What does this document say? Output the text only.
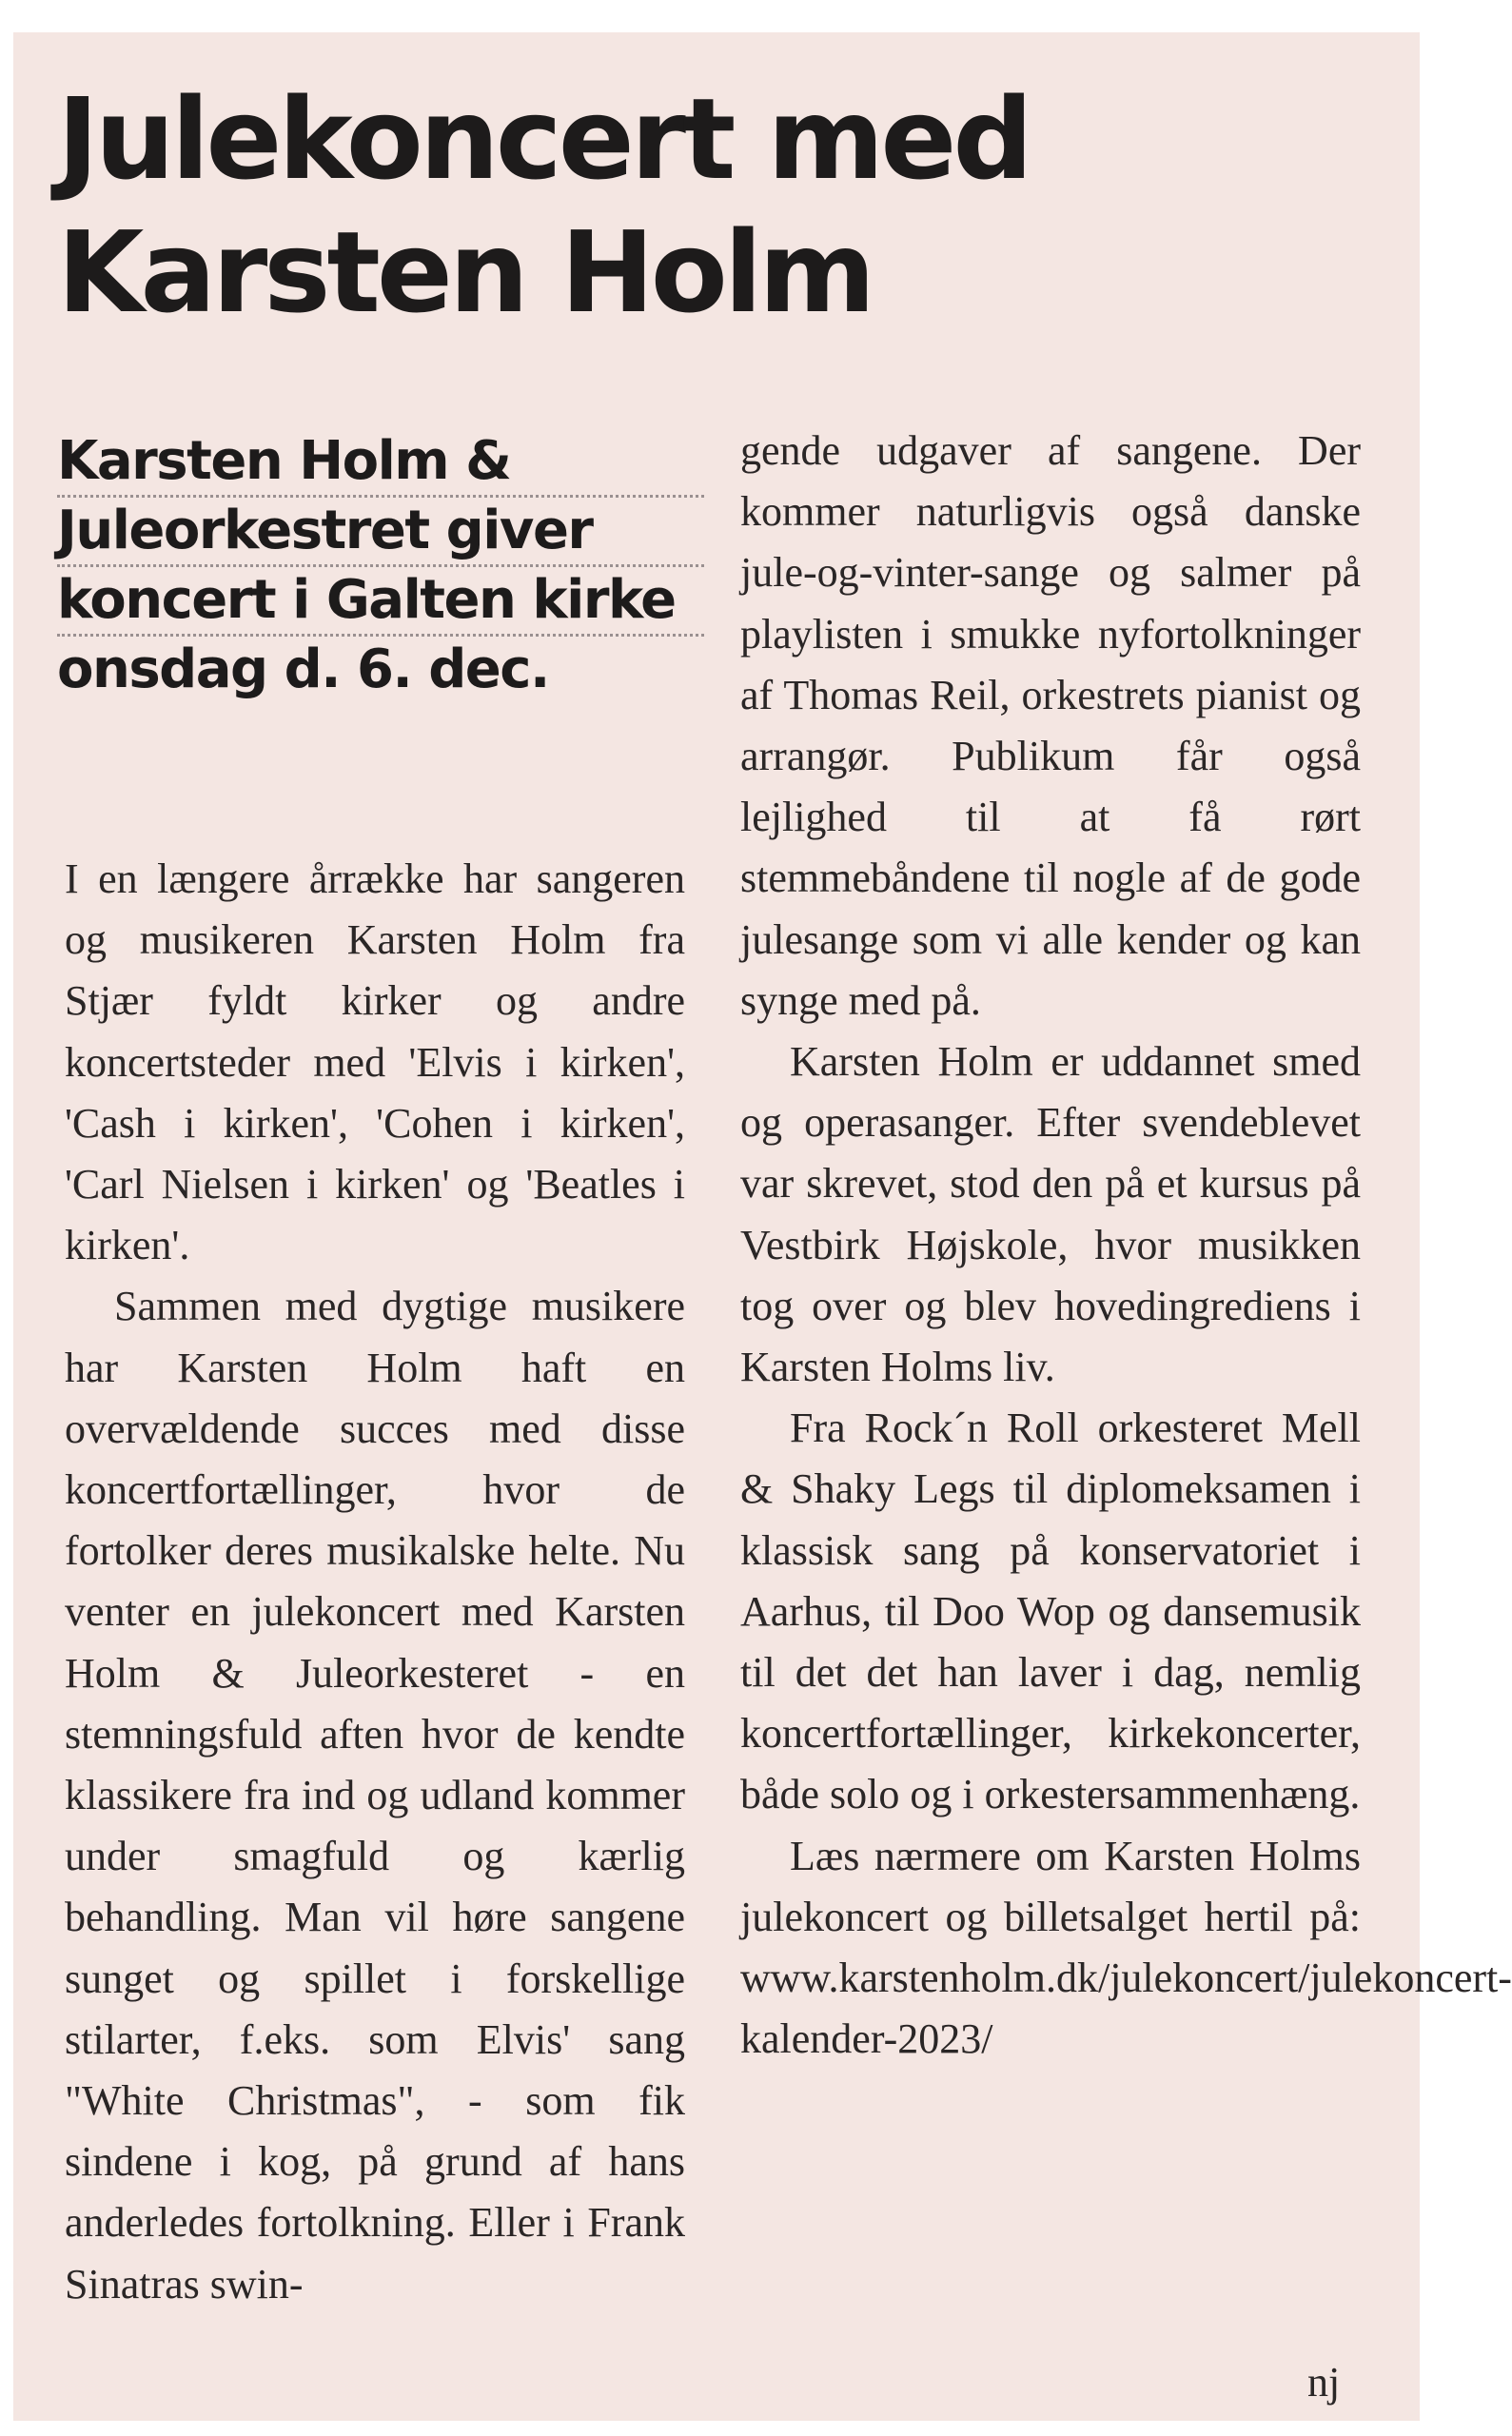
Julekoncert med Karsten Holm
Karsten Holm &
Juleorkestret giver
koncert i Galten kirke
onsdag d. 6. dec.

I en længere årrække har sangeren og musikeren Karsten Holm fra Stjær fyldt kirker og andre koncertsteder med 'Elvis i kirken', 'Cash i kirken', 'Cohen i kirken', 'Carl Nielsen i kirken' og 'Beatles i kirken'.

Sammen med dygtige musikere har Karsten Holm haft en overvældende succes med disse koncertfortællinger, hvor de fortolker deres musikalske helte. Nu venter en julekoncert med Karsten Holm & Juleorkesteret - en stemningsfuld aften hvor de kendte klassikere fra ind og udland kommer under smagfuld og kærlig behandling. Man vil høre sangene sunget og spillet i forskellige stilarter, f.eks. som Elvis' sang "White Christmas", - som fik sindene i kog, på grund af hans anderledes fortolkning. Eller i Frank Sinatras swin-

gende udgaver af sangene. Der kommer naturligvis også danske jule-og-vinter-sange og salmer på playlisten i smukke nyfortolkninger af Thomas Reil, orkestrets pianist og arrangør. Publikum får også lejlighed til at få rørt stemmebåndene til nogle af de gode julesange som vi alle kender og kan synge med på.

Karsten Holm er uddannet smed og operasanger. Efter svendeblevet var skrevet, stod den på et kursus på Vestbirk Højskole, hvor musikken tog over og blev hovedingrediens i Karsten Holms liv.

Fra Rock´n Roll orkesteret Mell & Shaky Legs til diplomeksamen i klassisk sang på konservatoriet i Aarhus, til Doo Wop og dansemusik til det det han laver i dag, nemlig koncertfortællinger, kirkekoncerter, både solo og i orkestersammenhæng.

Læs nærmere om Karsten Holms julekoncert og billetsalget hertil på: www.karstenholm.dk/julekoncert/julekoncert-kalender-2023/

nj
